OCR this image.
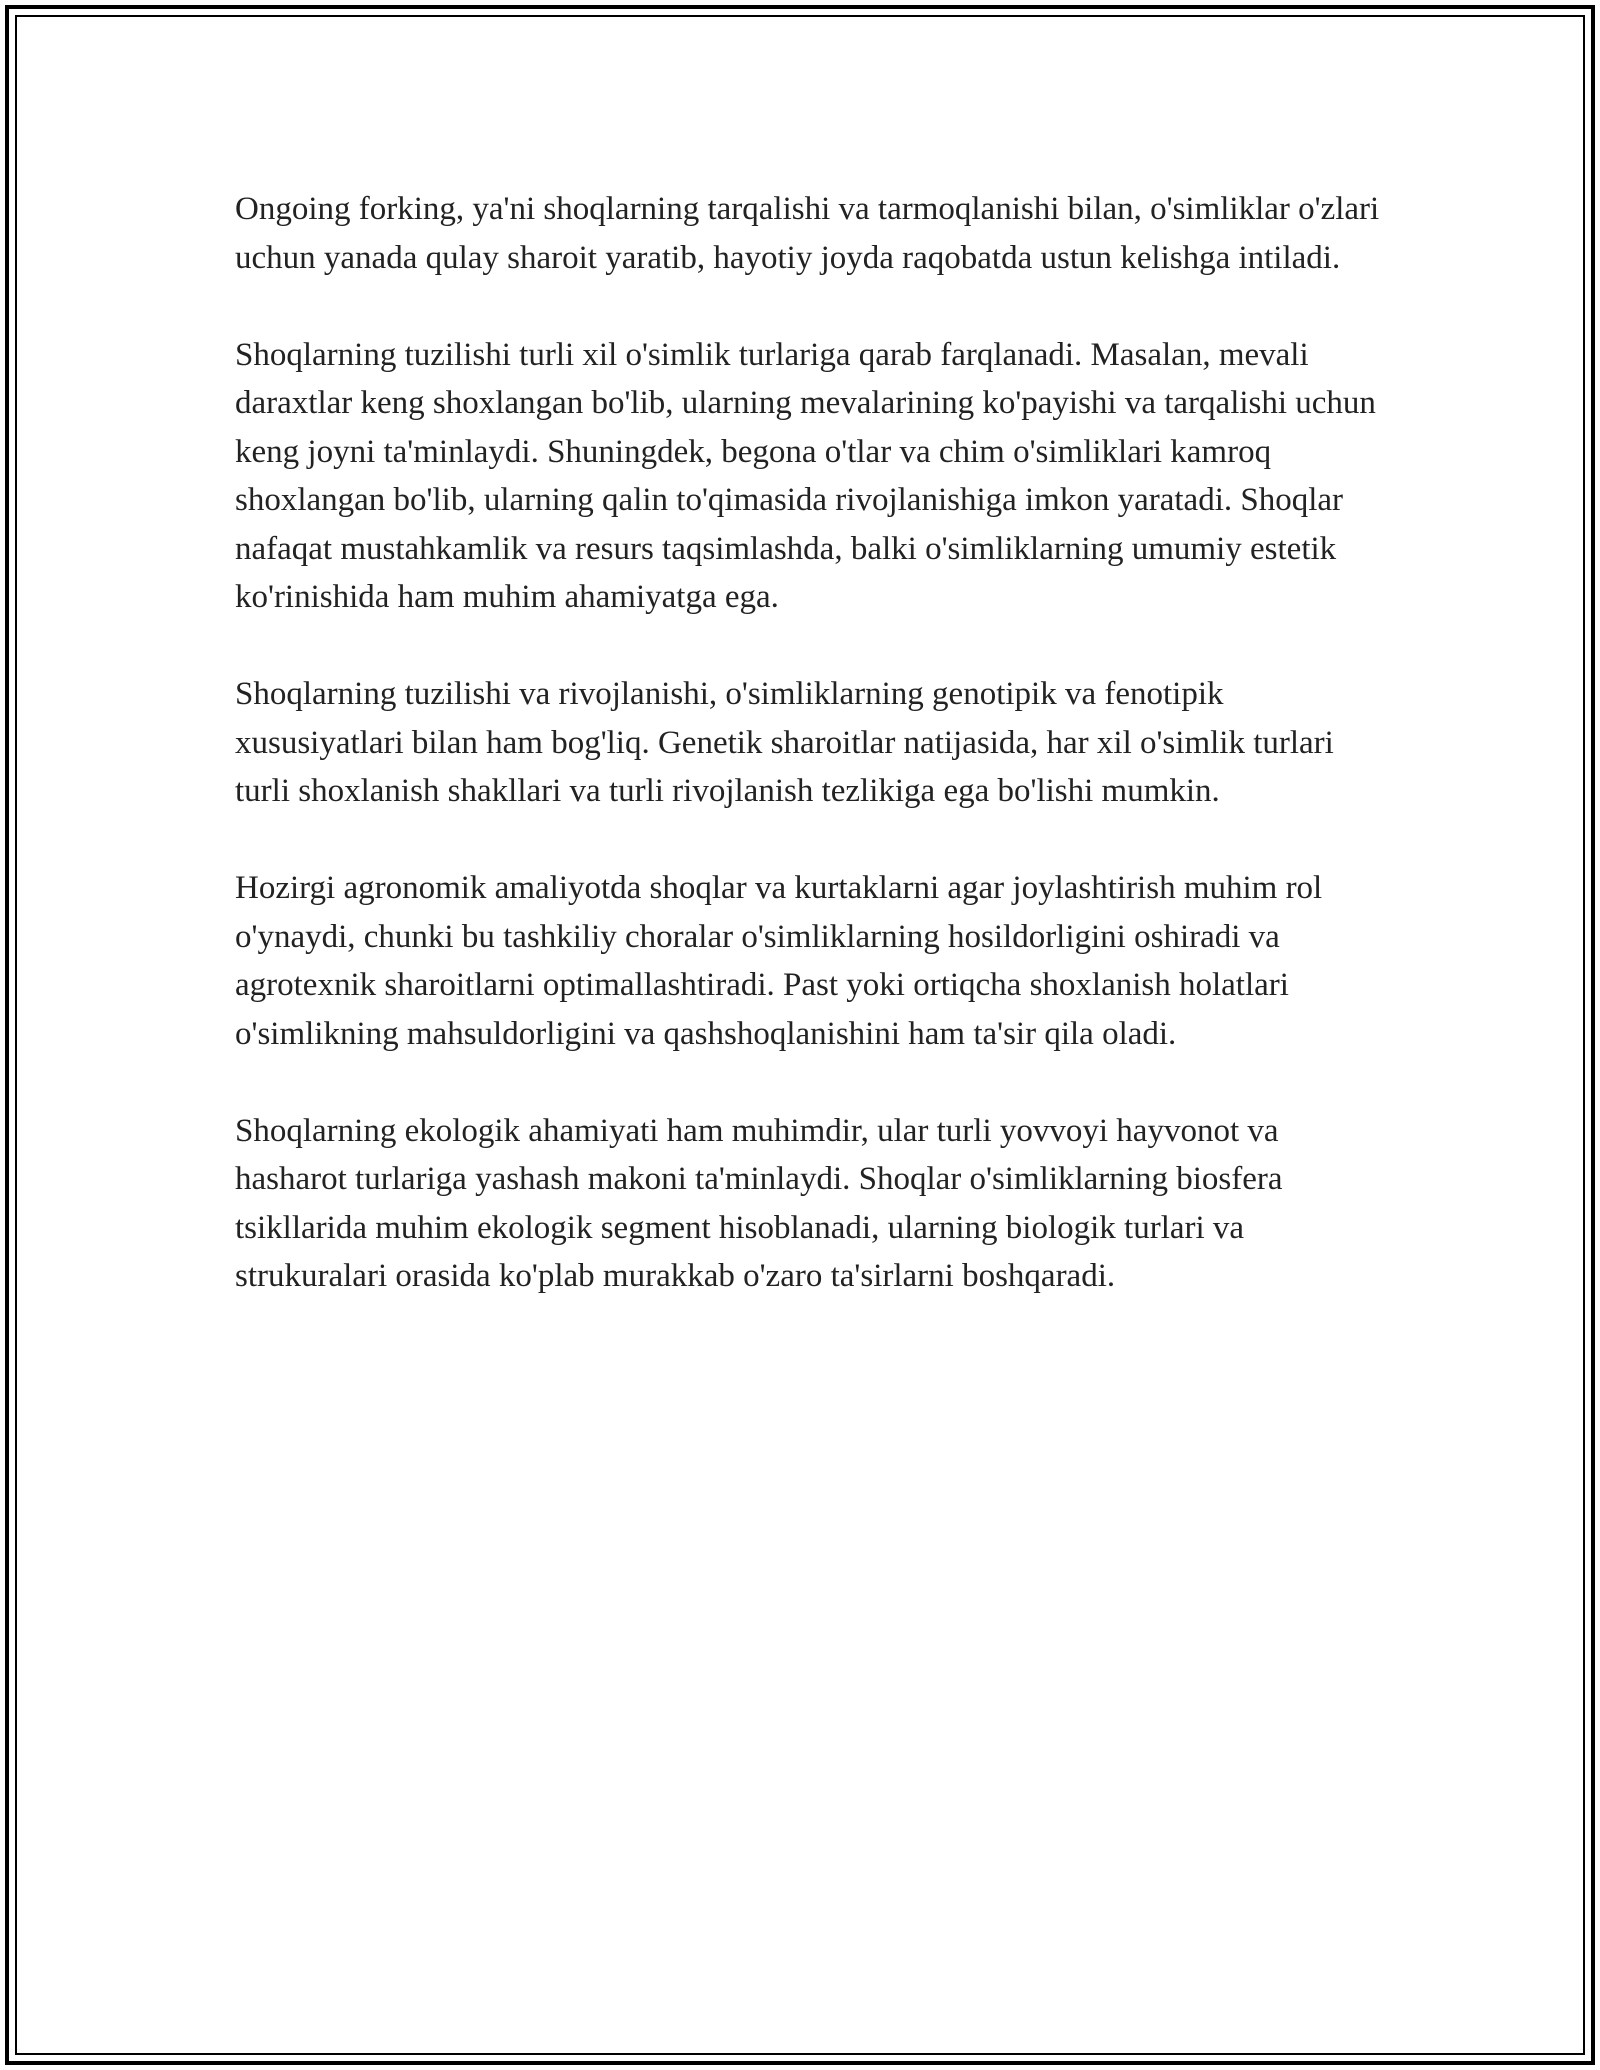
Ongoing forking, ya'ni shoqlarning tarqalishi va tarmoqlanishi bilan, o'simliklar o'zlari uchun yanada qulay sharoit yaratib, hayotiy joyda raqobatda ustun kelishga intiladi.

Shoqlarning tuzilishi turli xil o'simlik turlariga qarab farqlanadi. Masalan, mevali daraxtlar keng shoxlangan bo'lib, ularning mevalarining ko'payishi va tarqalishi uchun keng joyni ta'minlaydi. Shuningdek, begona o'tlar va chim o'simliklari kamroq shoxlangan bo'lib, ularning qalin to'qimasida rivojlanishiga imkon yaratadi. Shoqlar nafaqat mustahkamlik va resurs taqsimlashda, balki o'simliklarning umumiy estetik ko'rinishida ham muhim ahamiyatga ega.

Shoqlarning tuzilishi va rivojlanishi, o'simliklarning genotipik va fenotipik xususiyatlari bilan ham bog'liq. Genetik sharoitlar natijasida, har xil o'simlik turlari turli shoxlanish shakllari va turli rivojlanish tezlikiga ega bo'lishi mumkin.

Hozirgi agronomik amaliyotda shoqlar va kurtaklarni agar joylashtirish muhim rol o'ynaydi, chunki bu tashkiliy choralar o'simliklarning hosildorligini oshiradi va agrotexnik sharoitlarni optimallashtiradi. Past yoki ortiqcha shoxlanish holatlari o'simlikning mahsuldorligini va qashshoqlanishini ham ta'sir qila oladi.

Shoqlarning ekologik ahamiyati ham muhimdir, ular turli yovvoyi hayvonot va hasharot turlariga yashash makoni ta'minlaydi. Shoqlar o'simliklarning biosfera tsikllarida muhim ekologik segment hisoblanadi, ularning biologik turlari va strukuralari orasida ko'plab murakkab o'zaro ta'sirlarni boshqaradi.
